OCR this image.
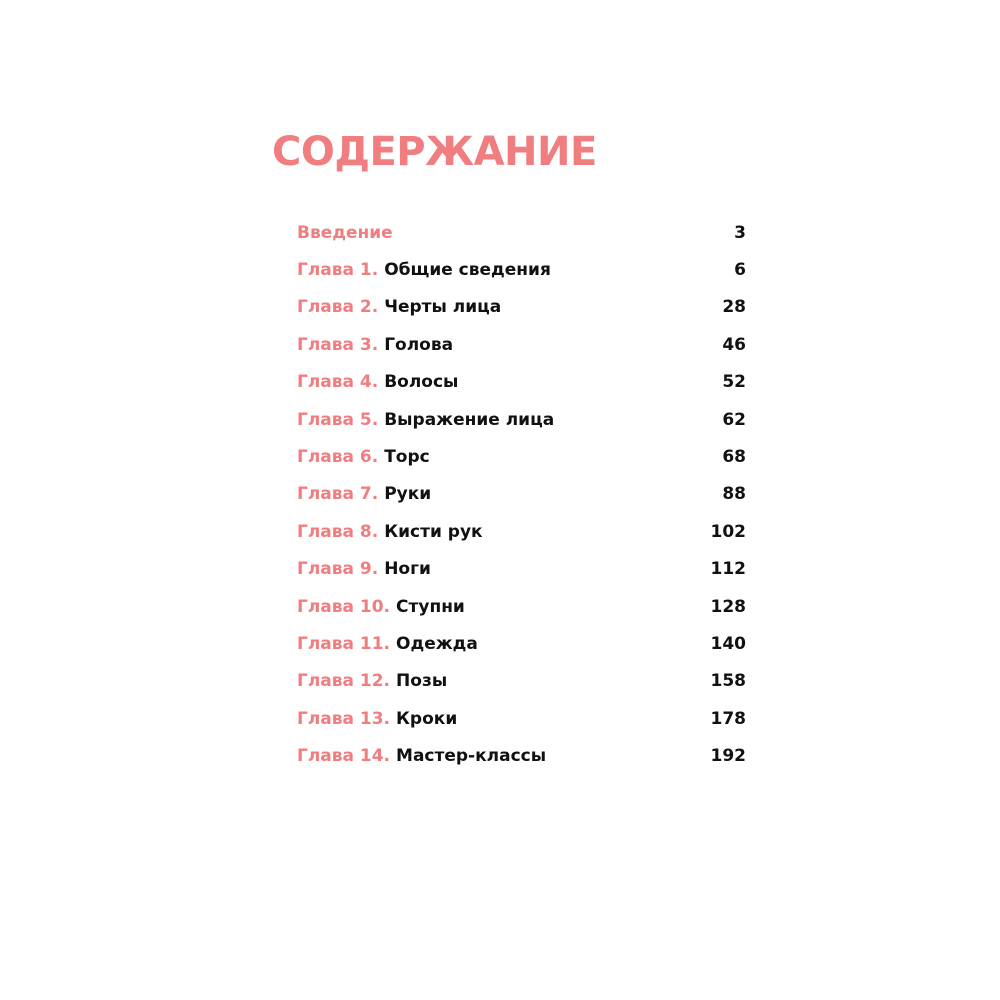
СОДЕРЖАНИЕ
Введение	3
Глава 1. Общие сведения	6
Глава 2. Черты лица	28
Глава 3. Голова	46
Глава 4. Волосы	52
Глава 5. Выражение лица	62
Глава 6. Торс	68
Глава 7. Руки	88
Глава 8. Кисти рук	102
Глава 9. Ноги	112
Глава 10. Ступни	128
Глава 11. Одежда	140
Глава 12. Позы	158
Глава 13. Кроки	178
Глава 14. Мастер-классы	192
